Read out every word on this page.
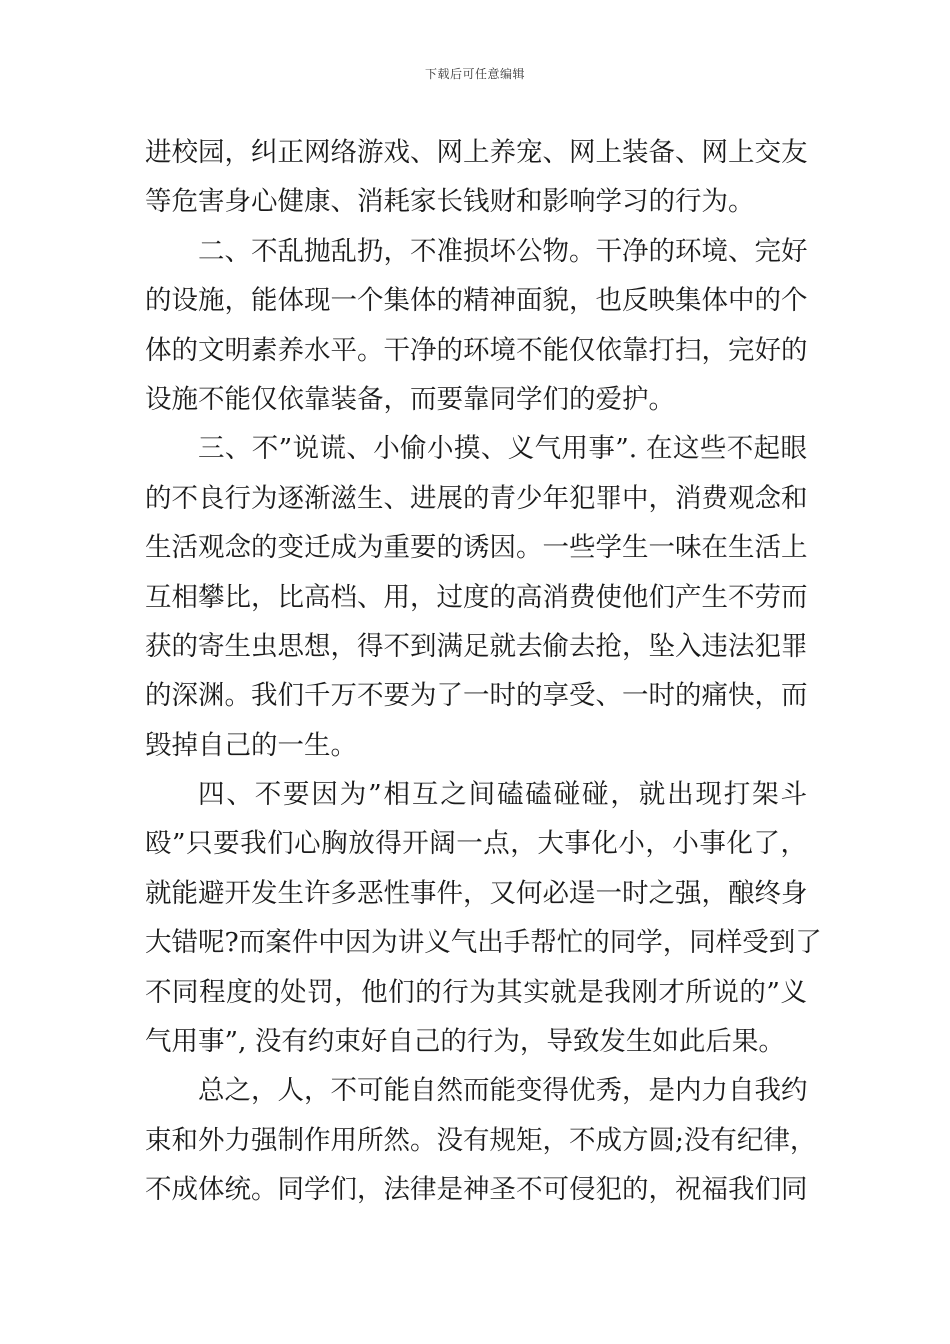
下载后可任意编辑
进校园，纠正网络游戏、网上养宠、网上装备、网上交友
等危害身心健康、消耗家长钱财和影响学习的行为。
二、不乱抛乱扔，不准损坏公物。干净的环境、完好
的设施，能体现一个集体的精神面貌，也反映集体中的个
体的文明素养水平。干净的环境不能仅依靠打扫，完好的
设施不能仅依靠装备，而要靠同学们的爱护。
三、不”说谎、小偷小摸、义气用事”. 在这些不起眼
的不良行为逐渐滋生、进展的青少年犯罪中，消费观念和
生活观念的变迁成为重要的诱因。一些学生一味在生活上
互相攀比，比高档、用，过度的高消费使他们产生不劳而
获的寄生虫思想，得不到满足就去偷去抢，坠入违法犯罪
的深渊。我们千万不要为了一时的享受、一时的痛快，而
毁掉自己的一生。
四、不要因为”相互之间磕磕碰碰，就出现打架斗
殴”只要我们心胸放得开阔一点，大事化小，小事化了，
就能避开发生许多恶性事件，又何必逞一时之强，酿终身
大错呢?而案件中因为讲义气出手帮忙的同学，同样受到了
不同程度的处罚，他们的行为其实就是我刚才所说的”义
气用事”, 没有约束好自己的行为，导致发生如此后果。
总之，人，不可能自然而能变得优秀，是内力自我约
束和外力强制作用所然。没有规矩，不成方圆;没有纪律，
不成体统。同学们，法律是神圣不可侵犯的，祝福我们同
